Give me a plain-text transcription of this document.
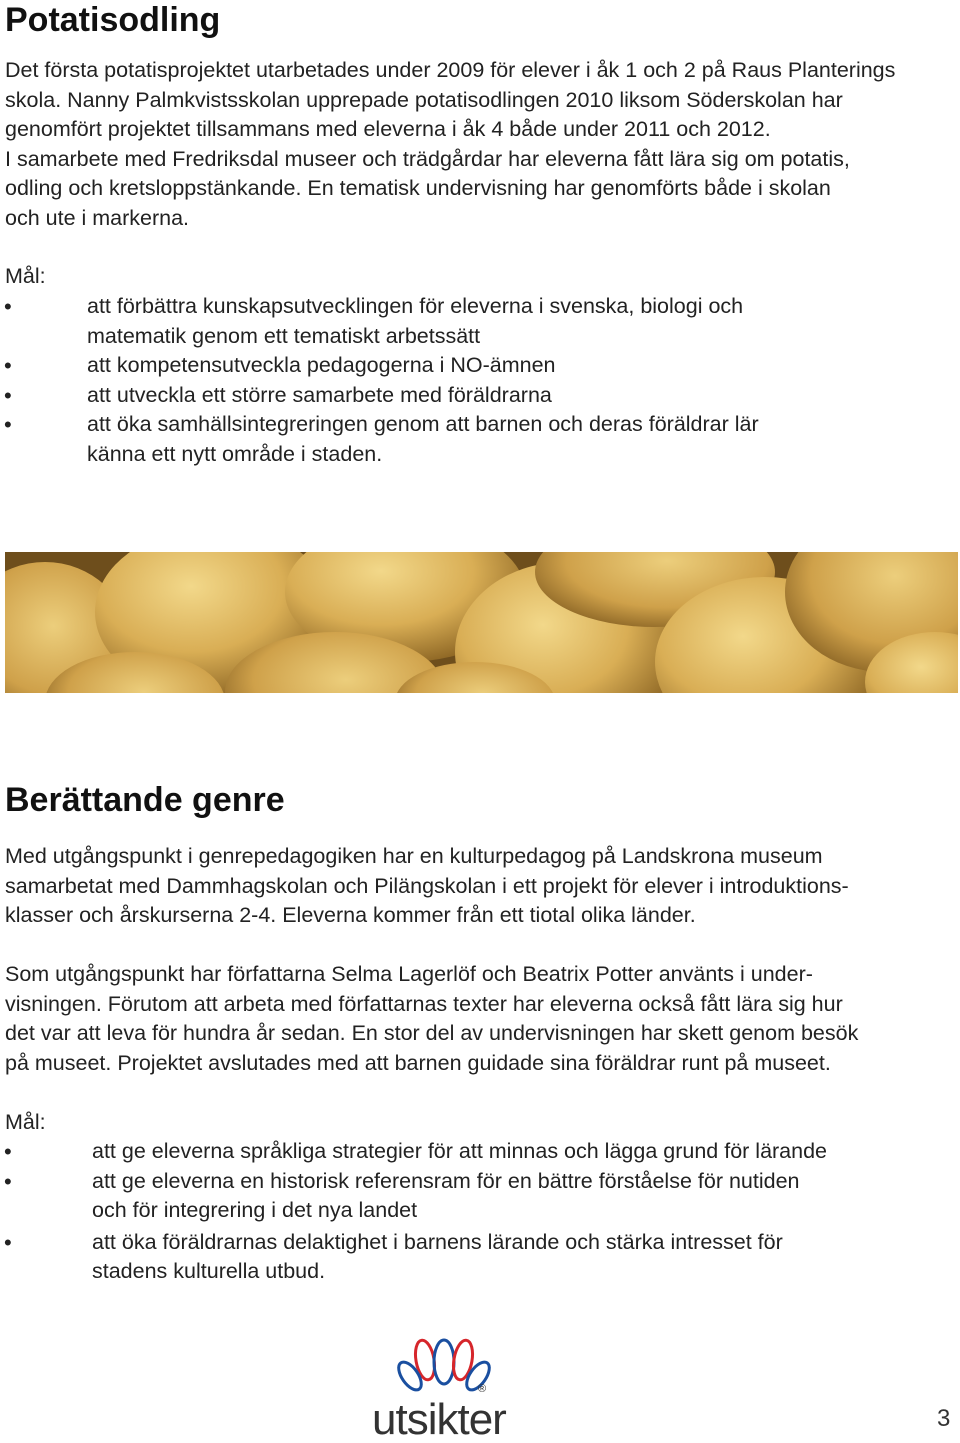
Potatisodling

Det första potatisprojektet utarbetades under 2009 för elever i åk 1 och 2 på Raus Planterings
skola. Nanny Palmkvistsskolan upprepade potatisodlingen 2010 liksom Söderskolan har
genomfört projektet tillsammans med eleverna i åk 4 både under 2011 och 2012.
I samarbete med Fredriksdal museer och trädgårdar har eleverna fått lära sig om potatis,
odling och kretsloppstänkande. En tematisk undervisning har genomförts både i skolan
och ute i markerna.

Mål:

•	att förbättra kunskapsutvecklingen för eleverna i svenska, biologi och
matematik genom ett tematiskt arbetssätt
•	att kompetensutveckla pedagogerna i NO-ämnen
•	att utveckla ett större samarbete med föräldrarna
•	att öka samhällsintegreringen genom att barnen och deras föräldrar lär
känna ett nytt område i staden.
Berättande genre

Med utgångspunkt i genrepedagogiken har en kulturpedagog på Landskrona museum
samarbetat med Dammhagskolan och Pilängskolan i ett projekt för elever i introduktions-
klasser och årskurserna 2-4. Eleverna kommer från ett tiotal olika länder.

Som utgångspunkt har författarna Selma Lagerlöf och Beatrix Potter använts i under-
visningen. Förutom att arbeta med författarnas texter har eleverna också fått lära sig hur
det var att leva för hundra år sedan. En stor del av undervisningen har skett genom besök
på museet. Projektet avslutades med att barnen guidade sina föräldrar runt på museet.

Mål:

•	att ge eleverna språkliga strategier för att minnas och lägga grund för lärande
•	att ge eleverna en historisk referensram för en bättre förståelse för nutiden
och för integrering i det nya landet
•	att öka föräldrarnas delaktighet i barnens lärande och stärka intresset för
stadens kulturella utbud.
®
utsikter	3
